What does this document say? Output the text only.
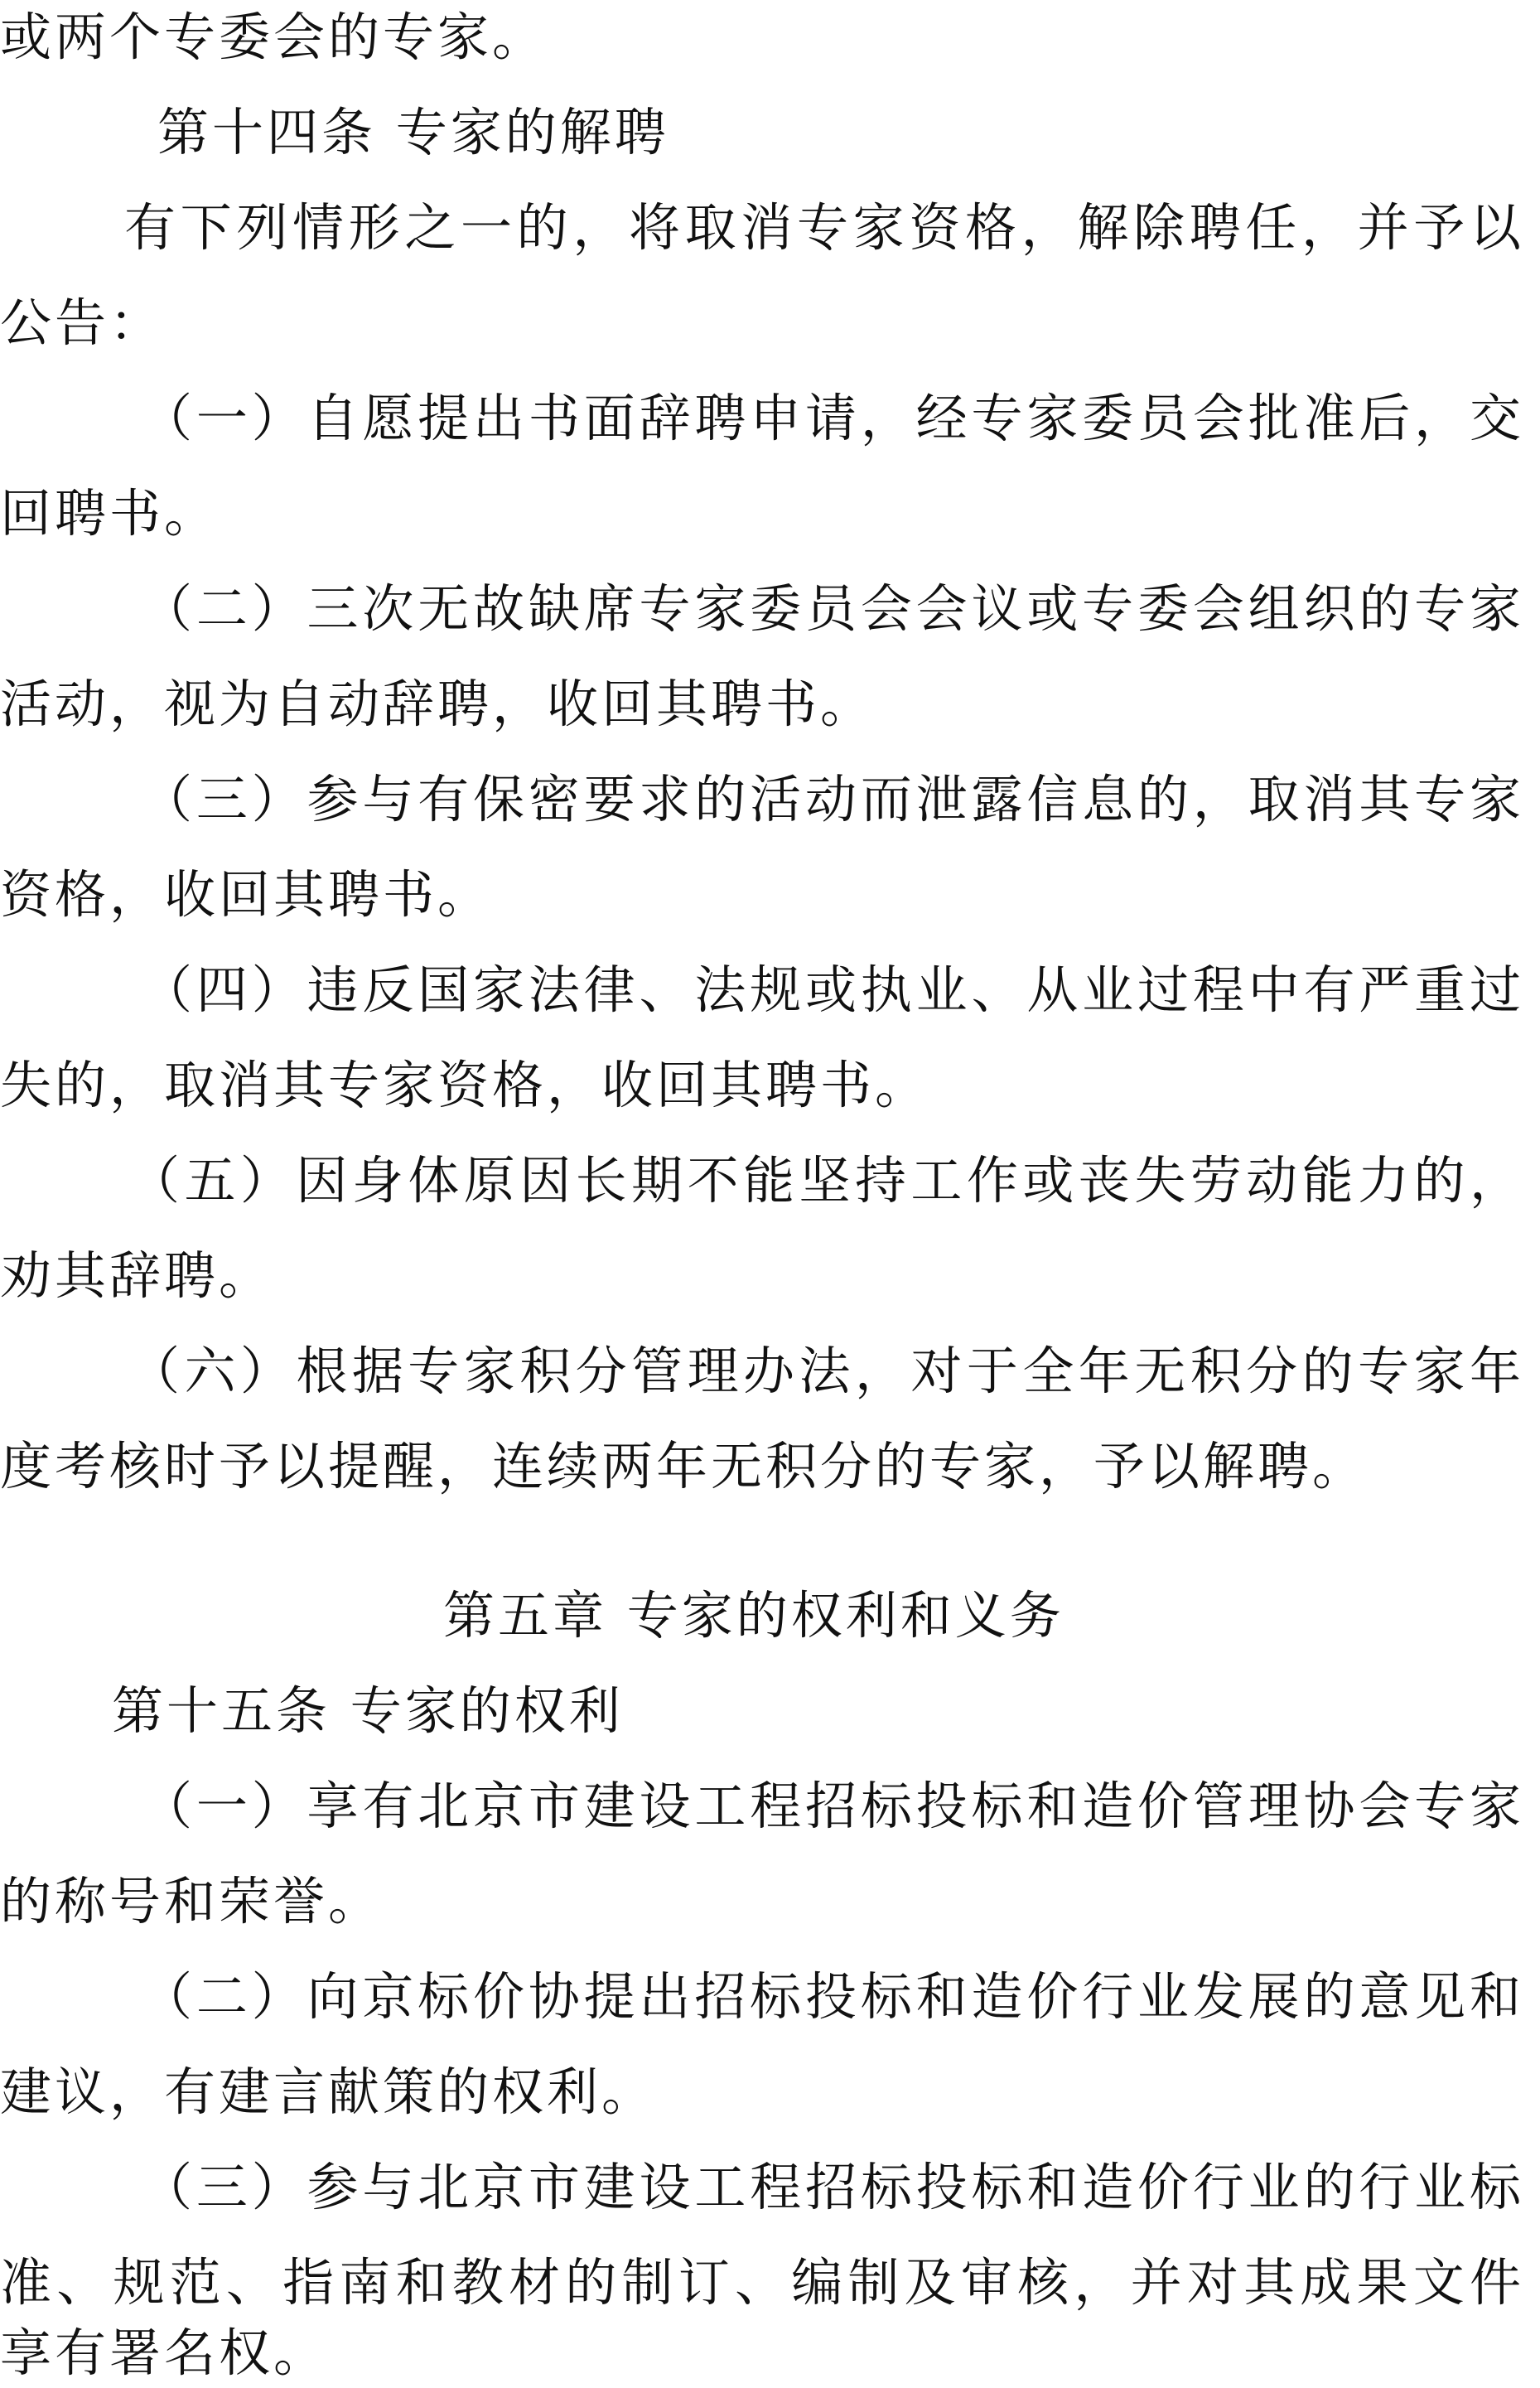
或两个专委会的专家。

第十四条 专家的解聘

有下列情形之一的，将取消专家资格，解除聘任，并予以

公告：

（一）自愿提出书面辞聘申请，经专家委员会批准后，交

回聘书。

（二）三次无故缺席专家委员会会议或专委会组织的专家

活动，视为自动辞聘，收回其聘书。

（三）参与有保密要求的活动而泄露信息的，取消其专家

资格，收回其聘书。

（四）违反国家法律、法规或执业、从业过程中有严重过

失的，取消其专家资格，收回其聘书。

（五）因身体原因长期不能坚持工作或丧失劳动能力的，

劝其辞聘。

（六）根据专家积分管理办法，对于全年无积分的专家年

度考核时予以提醒，连续两年无积分的专家，予以解聘。

第五章 专家的权利和义务

第十五条 专家的权利

（一）享有北京市建设工程招标投标和造价管理协会专家

的称号和荣誉。

（二）向京标价协提出招标投标和造价行业发展的意见和

建议，有建言献策的权利。

（三）参与北京市建设工程招标投标和造价行业的行业标

准、规范、指南和教材的制订、编制及审核，并对其成果文件

享有署名权。
